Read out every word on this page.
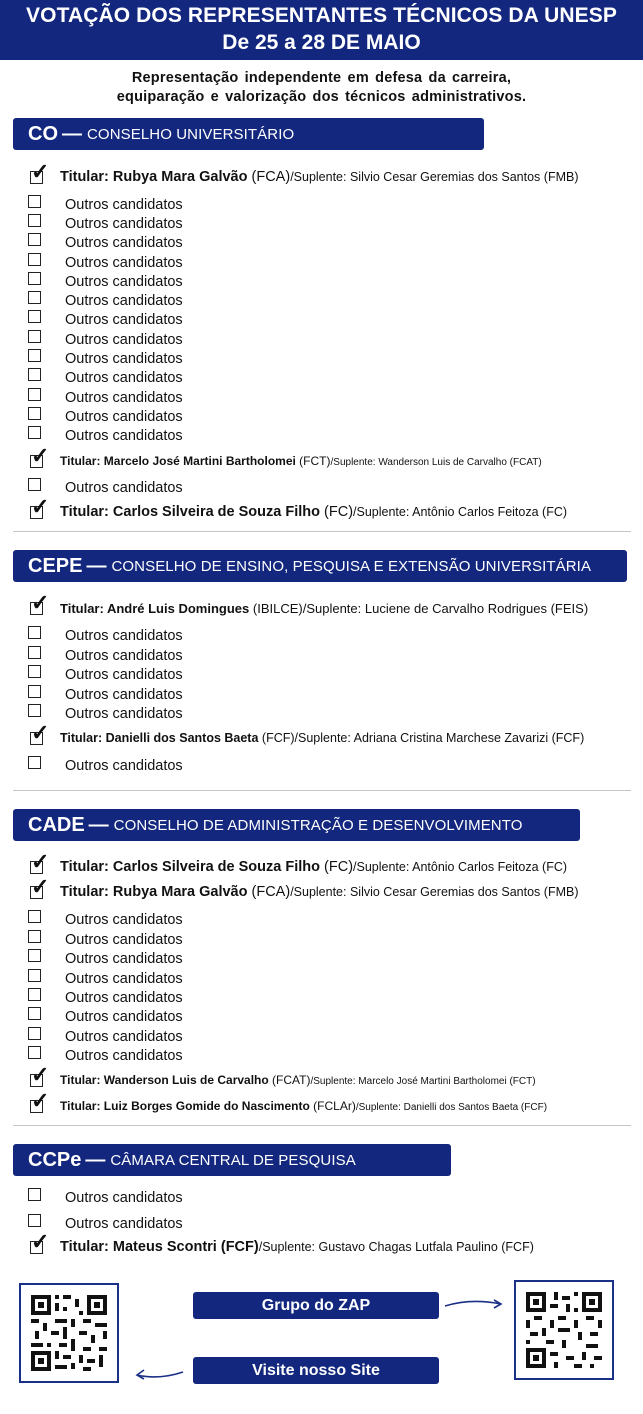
VOTAÇÃO DOS REPRESENTANTES TÉCNICOS DA UNESP
De 25 a 28 DE MAIO
Representação independente em defesa da carreira,
equiparação e valorização dos técnicos administrativos.
CO — CONSELHO UNIVERSITÁRIO
✓ Titular: Rubya Mara Galvão (FCA)/Suplente: Silvio Cesar Geremias dos Santos (FMB)
Outros candidatos
Outros candidatos
Outros candidatos
Outros candidatos
Outros candidatos
Outros candidatos
Outros candidatos
Outros candidatos
Outros candidatos
Outros candidatos
Outros candidatos
Outros candidatos
Outros candidatos
✓ Titular: Marcelo José Martini Bartholomei (FCT)/Suplente: Wanderson Luis de Carvalho (FCAT)
Outros candidatos
✓ Titular: Carlos Silveira de Souza Filho (FC)/Suplente: Antônio Carlos Feitoza (FC)
CEPE — CONSELHO DE ENSINO, PESQUISA E EXTENSÃO UNIVERSITÁRIA
✓ Titular: André Luis Domingues (IBILCE)/Suplente: Luciene de Carvalho Rodrigues (FEIS)
Outros candidatos
Outros candidatos
Outros candidatos
Outros candidatos
Outros candidatos
✓ Titular: Danielli dos Santos Baeta (FCF)/Suplente: Adriana Cristina Marchese Zavarizi (FCF)
Outros candidatos
CADE — CONSELHO DE ADMINISTRAÇÃO E DESENVOLVIMENTO
✓ Titular: Carlos Silveira de Souza Filho (FC)/Suplente: Antônio Carlos Feitoza (FC)
✓ Titular: Rubya Mara Galvão (FCA)/Suplente: Silvio Cesar Geremias dos Santos (FMB)
Outros candidatos
Outros candidatos
Outros candidatos
Outros candidatos
Outros candidatos
Outros candidatos
Outros candidatos
Outros candidatos
✓ Titular: Wanderson Luis de Carvalho (FCAT)/Suplente: Marcelo José Martini Bartholomei (FCT)
✓ Titular: Luiz Borges Gomide do Nascimento (FCLAr)/Suplente: Danielli dos Santos Baeta (FCF)
CCPe — CÂMARA CENTRAL DE PESQUISA
Outros candidatos
Outros candidatos
✓ Titular: Mateus Scontri (FCF)/Suplente: Gustavo Chagas Lutfala Paulino (FCF)
Grupo do ZAP
Visite nosso Site
